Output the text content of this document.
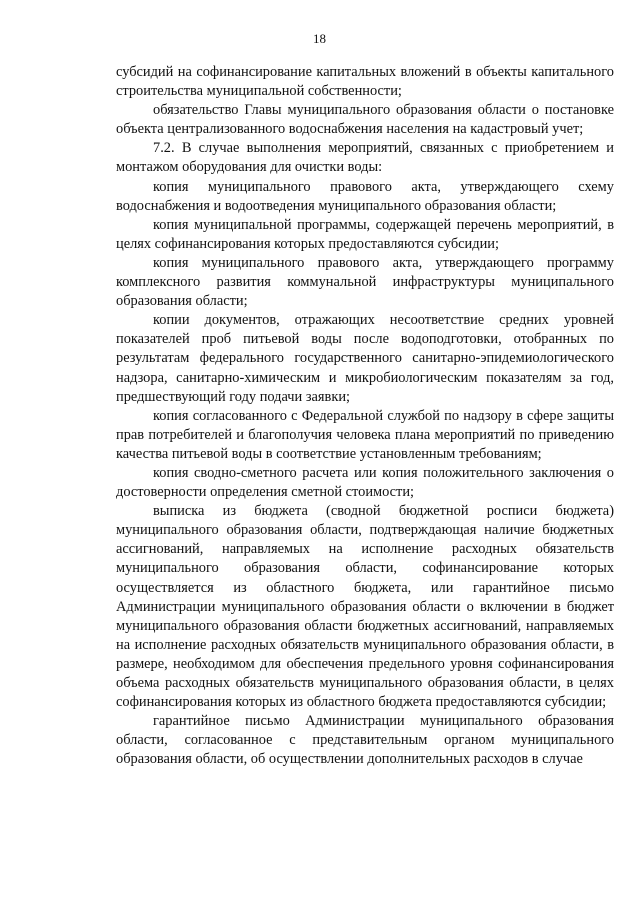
18

субсидий на софинансирование капитальных вложений в объекты капитального строительства муниципальной собственности;

обязательство Главы муниципального образования области о постановке объекта централизованного водоснабжения населения на кадастровый учет;

7.2. В случае выполнения мероприятий, связанных с приобретением и монтажом оборудования для очистки воды:

копия муниципального правового акта, утверждающего схему водоснабжения и водоотведения муниципального образования области;

копия муниципальной программы, содержащей перечень мероприятий, в целях софинансирования которых предоставляются субсидии;

копия муниципального правового акта, утверждающего программу комплексного развития коммунальной инфраструктуры муниципального образования области;

копии документов, отражающих несоответствие средних уровней показателей проб питьевой воды после водоподготовки, отобранных по результатам федерального государственного санитарно-эпидемиологического надзора, санитарно-химическим и микробиологическим показателям за год, предшествующий году подачи заявки;

копия согласованного с Федеральной службой по надзору в сфере защиты прав потребителей и благополучия человека плана мероприятий по приведению качества питьевой воды в соответствие установленным требованиям;

копия сводно-сметного расчета или копия положительного заключения о достоверности определения сметной стоимости;

выписка из бюджета (сводной бюджетной росписи бюджета) муниципального образования области, подтверждающая наличие бюджетных ассигнований, направляемых на исполнение расходных обязательств муниципального образования области, софинансирование которых осуществляется из областного бюджета, или гарантийное письмо Администрации муниципального образования области о включении в бюджет муниципального образования области бюджетных ассигнований, направляемых на исполнение расходных обязательств муниципального образования области, в размере, необходимом для обеспечения предельного уровня софинансирования объема расходных обязательств муниципального образования области, в целях софинансирования которых из областного бюджета предоставляются субсидии;

гарантийное письмо Администрации муниципального образования области, согласованное с представительным органом муниципального образования области, об осуществлении дополнительных расходов в случае
